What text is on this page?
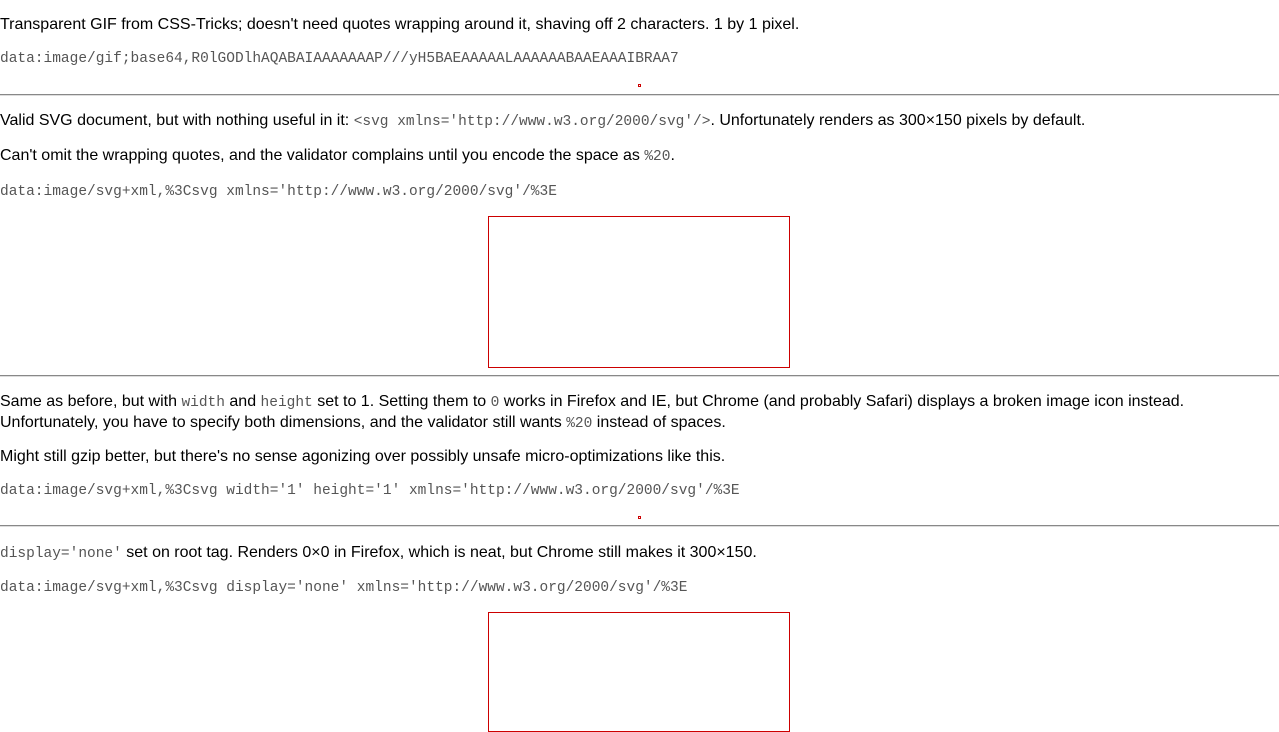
Transparent GIF from CSS-Tricks; doesn't need quotes wrapping around it, shaving off 2 characters. 1 by 1 pixel.

data:image/gif;base64,R0lGODlhAQABAIAAAAAAAP///yH5BAEAAAAALAAAAAABAAEAAAIBRAA7

Valid SVG document, but with nothing useful in it: <svg xmlns='http://www.w3.org/2000/svg'/>. Unfortunately renders as 300×150 pixels by default.

Can't omit the wrapping quotes, and the validator complains until you encode the space as %20.

data:image/svg+xml,%3Csvg xmlns='http://www.w3.org/2000/svg'/%3E

Same as before, but with width and height set to 1. Setting them to 0 works in Firefox and IE, but Chrome (and probably Safari) displays a broken image icon instead.
Unfortunately, you have to specify both dimensions, and the validator still wants %20 instead of spaces.

Might still gzip better, but there's no sense agonizing over possibly unsafe micro-optimizations like this.

data:image/svg+xml,%3Csvg width='1' height='1' xmlns='http://www.w3.org/2000/svg'/%3E

display='none' set on root tag. Renders 0×0 in Firefox, which is neat, but Chrome still makes it 300×150.

data:image/svg+xml,%3Csvg display='none' xmlns='http://www.w3.org/2000/svg'/%3E
